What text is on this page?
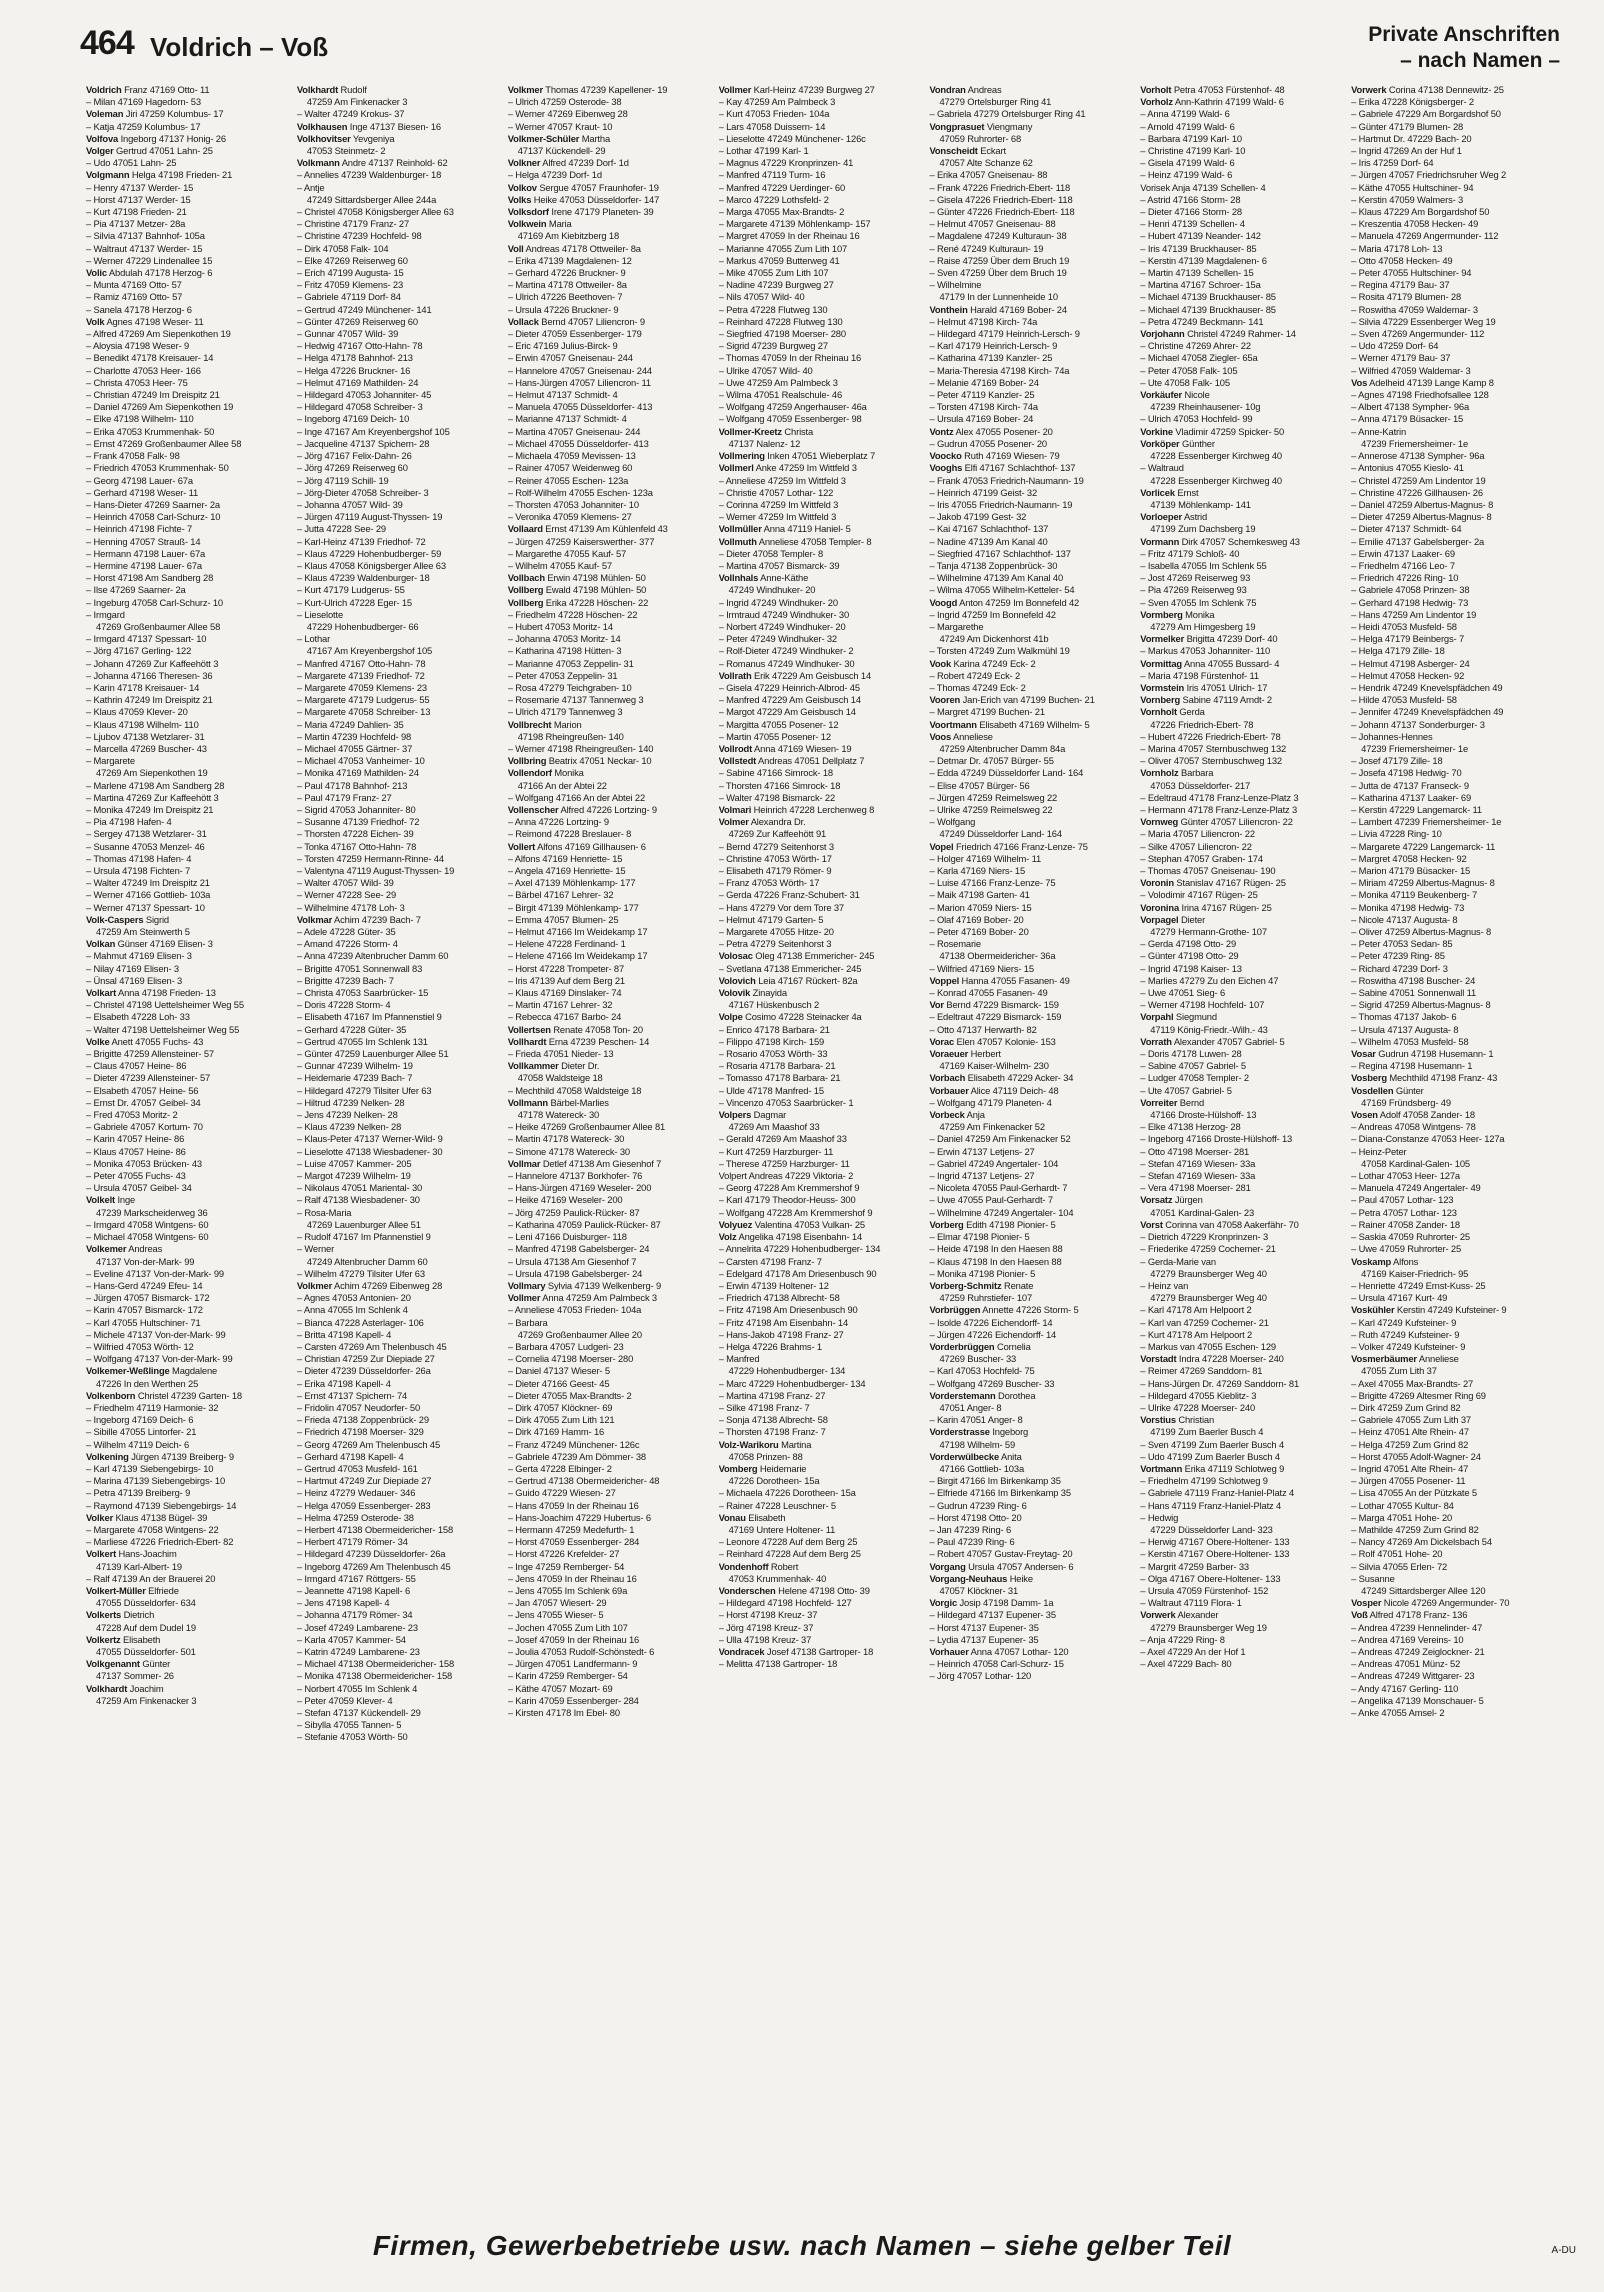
464 Voldrich – Voß	Private Anschriften
– nach Namen –
Voldrich Franz 47169 Otto- 11
– Milan 47169 Hagedorn- 53
Voleman Jiri 47259 Kolumbus- 17
– Katja 47259 Kolumbus- 17
Volfova Ingeborg 47137 Honig- 26
Volger Gertrud 47051 Lahn- 25
– Udo 47051 Lahn- 25
Volgmann Helga 47198 Frieden- 21
– Henry 47137 Werder- 15
– Horst 47137 Werder- 15
– Kurt 47198 Frieden- 21
– Pia 47137 Metzer- 28a
– Silvia 47137 Bahnhof- 105a
– Waltraut 47137 Werder- 15
– Werner 47229 Lindenallee 15
Volic Abdulah 47178 Herzog- 6
– Munta 47169 Otto- 57
– Ramiz 47169 Otto- 57
– Sanela 47178 Herzog- 6
Volk Agnes 47198 Weser- 11
– Alfred 47269 Am Siepenkothen 19
– Aloysia 47198 Weser- 9
– Benedikt 47178 Kreisauer- 14
– Charlotte 47053 Heer- 166
– Christa 47053 Heer- 75
– Christian 47249 Im Dreispitz 21
– Daniel 47269 Am Siepenkothen 19
– Elke 47198 Wilhelm- 110
– Erika 47053 Krummenhak- 50
– Ernst 47269 Großenbaumer Allee 58
– Frank 47058 Falk- 98
– Friedrich 47053 Krummenhak- 50
– Georg 47198 Lauer- 67a
– Gerhard 47198 Weser- 11
– Hans-Dieter 47269 Saarner- 2a
– Heinrich 47058 Carl-Schurz- 10
– Heinrich 47198 Fichte- 7
– Henning 47057 Strauß- 14
– Hermann 47198 Lauer- 67a
– Hermine 47198 Lauer- 67a
– Horst 47198 Am Sandberg 28
– Ilse 47269 Saarner- 2a
– Ingeburg 47058 Carl-Schurz- 10
– Irmgard
47269 Großenbaumer Allee 58
– Irmgard 47137 Spessart- 10
– Jörg 47167 Gerling- 122
– Johann 47269 Zur Kaffeehött 3
– Johanna 47166 Theresen- 36
– Karin 47178 Kreisauer- 14
– Kathrin 47249 Im Dreispitz 21
– Klaus 47059 Klever- 20
– Klaus 47198 Wilhelm- 110
– Ljubov 47138 Wetzlarer- 31
– Marcella 47269 Buscher- 43
– Margarete
47269 Am Siepenkothen 19
– Marlene 47198 Am Sandberg 28
– Martina 47269 Zur Kaffeehött 3
– Monika 47249 Im Dreispitz 21
– Pia 47198 Hafen- 4
– Sergey 47138 Wetzlarer- 31
– Susanne 47053 Menzel- 46
– Thomas 47198 Hafen- 4
– Ursula 47198 Fichten- 7
– Walter 47249 Im Dreispitz 21
– Werner 47166 Gottlieb- 103a
– Werner 47137 Spessart- 10
Volk-Caspers Sigrid
47259 Am Steinwerth 5
Volkan Günser 47169 Elisen- 3
– Mahmut 47169 Elisen- 3
– Nilay 47169 Elisen- 3
– Ünsal 47169 Elisen- 3
Volkart Anna 47198 Frieden- 13
– Christel 47198 Uettelsheimer Weg 55
– Elsabeth 47228 Loh- 33
– Walter 47198 Uettelsheimer Weg 55
Volke Anett 47055 Fuchs- 43
– Brigitte 47259 Allensteiner- 57
– Claus 47057 Heine- 86
– Dieter 47239 Allensteiner- 57
– Elsabeth 47057 Heine- 56
– Ernst Dr. 47057 Geibel- 34
– Fred 47053 Moritz- 2
– Gabriele 47057 Kortum- 70
– Karin 47057 Heine- 86
– Klaus 47057 Heine- 86
– Monika 47053 Brücken- 43
– Peter 47055 Fuchs- 43
– Ursula 47057 Geibel- 34
Volkelt Inge
47239 Markscheiderweg 36
– Irmgard 47058 Wintgens- 60
– Michael 47058 Wintgens- 60
Volkemer Andreas
47137 Von-der-Mark- 99
– Eveline 47137 Von-der-Mark- 99
– Hans-Gerd 47249 Efeu- 14
– Jürgen 47057 Bismarck- 172
– Karin 47057 Bismarck- 172
– Karl 47055 Hultschiner- 71
– Michele 47137 Von-der-Mark- 99
– Wilfried 47053 Wörth- 12
– Wolfgang 47137 Von-der-Mark- 99
Volkemer-Weßlinge Magdalene
47226 In den Werthen 25
Volkenborn Christel 47239 Garten- 18
– Friedhelm 47119 Harmonie- 32
– Ingeborg 47169 Deich- 6
– Sibille 47055 Lintorfer- 21
– Wilhelm 47119 Deich- 6
Volkening Jürgen 47139 Breiberg- 9
– Karl 47139 Siebengebirgs- 10
– Marina 47139 Siebengebirgs- 10
– Petra 47139 Breiberg- 9
– Raymond 47139 Siebengebirgs- 14
Volker Klaus 47138 Bügel- 39
– Margarete 47058 Wintgens- 22
– Marliese 47226 Friedrich-Ebert- 82
Volkert Hans-Joachim
47139 Karl-Albert- 19
– Ralf 47139 An der Brauerei 20
Volkert-Müller Elfriede
47055 Düsseldorfer- 634
Volkerts Dietrich
47228 Auf dem Dudel 19
Volkertz Elisabeth
47055 Düsseldorfer- 501
Volkgenannt Günter
47137 Sommer- 26
Volkhardt Joachim
47259 Am Finkenacker 3
Volkhardt Rudolf
47259 Am Finkenacker 3
– Walter 47249 Krokus- 37
Volkhausen Inge 47137 Biesen- 16
Volkhovitser Yevgeniya
47053 Steinmetz- 2
Volkmann Andre 47137 Reinhold- 62
– Annelies 47239 Waldenburger- 18
– Antje
47249 Sittardsberger Allee 244a
– Christel 47058 Königsberger Allee 63
– Christine 47179 Franz- 27
– Christine 47239 Hochfeld- 98
– Dirk 47058 Falk- 104
– Elke 47269 Reiserweg 60
– Erich 47199 Augusta- 15
– Fritz 47059 Klemens- 23
– Gabriele 47119 Dorf- 84
– Gertrud 47249 Münchener- 141
– Günter 47269 Reiserweg 60
– Gunnar 47057 Wild- 39
– Hedwig 47167 Otto-Hahn- 78
– Helga 47178 Bahnhof- 213
– Helga 47226 Bruckner- 16
– Helmut 47169 Mathilden- 24
– Hildegard 47053 Johanniter- 45
– Hildegard 47058 Schreiber- 3
– Ingeborg 47169 Deich- 10
– Inge 47167 Am Kreyenbergshof 105
– Jacqueline 47137 Spichern- 28
– Jörg 47167 Felix-Dahn- 26
– Jörg 47269 Reiserweg 60
– Jörg 47119 Schill- 19
– Jörg-Dieter 47058 Schreiber- 3
– Johanna 47057 Wild- 39
– Jürgen 47119 August-Thyssen- 19
– Jutta 47228 See- 29
– Karl-Heinz 47139 Friedhof- 72
– Klaus 47229 Hohenbudberger- 59
– Klaus 47058 Königsberger Allee 63
– Klaus 47239 Waldenburger- 18
– Kurt 47179 Ludgerus- 55
– Kurt-Ulrich 47228 Eger- 15
– Lieselotte
47229 Hohenbudberger- 66
– Lothar
47167 Am Kreyenbergshof 105
– Manfred 47167 Otto-Hahn- 78
– Margarete 47139 Friedhof- 72
– Margarete 47059 Klemens- 23
– Margarete 47179 Ludgerus- 55
– Margarete 47058 Schreiber- 13
– Maria 47249 Dahlien- 35
– Martin 47239 Hochfeld- 98
– Michael 47055 Gärtner- 37
– Michael 47053 Vanheimer- 10
– Monika 47169 Mathilden- 24
– Paul 47178 Bahnhof- 213
– Paul 47179 Franz- 27
– Sigrid 47053 Johanniter- 80
– Susanne 47139 Friedhof- 72
– Thorsten 47228 Eichen- 39
– Tonka 47167 Otto-Hahn- 78
– Torsten 47259 Hermann-Rinne- 44
– Valentyna 47119 August-Thyssen- 19
– Walter 47057 Wild- 39
– Werner 47228 See- 29
– Wilhelmine 47178 Loh- 3
Volkmar Achim 47239 Bach- 7
– Adele 47228 Güter- 35
– Amand 47226 Storm- 4
– Anna 47239 Altenbrucher Damm 60
– Brigitte 47051 Sonnenwall 83
– Brigitte 47239 Bach- 7
– Christa 47053 Saarbrücker- 15
– Doris 47228 Storm- 4
– Elisabeth 47167 Im Pfannenstiel 9
– Gerhard 47228 Güter- 35
– Gertrud 47055 Im Schlenk 131
– Günter 47259 Lauenburger Allee 51
– Gunnar 47239 Wilhelm- 19
– Heidemarie 47239 Bach- 7
– Hildegard 47279 Tilsiter Ufer 63
– Hiltrud 47239 Nelken- 28
– Jens 47239 Nelken- 28
– Klaus 47239 Nelken- 28
– Klaus-Peter 47137 Werner-Wild- 9
– Lieselotte 47138 Wiesbadener- 30
– Luise 47057 Kammer- 205
– Margot 47239 Wilhelm- 19
– Nikolaus 47051 Mariental- 30
– Ralf 47138 Wiesbadener- 30
– Rosa-Maria
47269 Lauenburger Allee 51
– Rudolf 47167 Im Pfannenstiel 9
– Werner
47249 Altenbrucher Damm 60
– Wilhelm 47279 Tilsiter Ufer 63
Volkmer Achim 47269 Eibenweg 28
– Agnes 47053 Antonien- 20
– Anna 47055 Im Schlenk 4
– Bianca 47228 Asterlager- 106
– Britta 47198 Kapell- 4
– Carsten 47269 Am Thelenbusch 45
– Christian 47259 Zur Diepiade 27
– Dieter 47239 Düsseldorfer- 26a
– Erika 47198 Kapell- 4
– Ernst 47137 Spichern- 74
– Fridolin 47057 Neudorfer- 50
– Frieda 47138 Zoppenbrück- 29
– Friedrich 47198 Moerser- 329
– Georg 47269 Am Thelenbusch 45
– Gerhard 47198 Kapell- 4
– Gertrud 47053 Musfeld- 161
– Hartmut 47249 Zur Diepiade 27
– Heinz 47279 Wedauer- 346
– Helga 47059 Essenberger- 283
– Helma 47259 Osterode- 38
– Herbert 47138 Obermeidericher- 158
– Herbert 47179 Römer- 34
– Hildegard 47239 Düsseldorfer- 26a
– Ingeborg 47269 Am Thelenbusch 45
– Irmgard 47167 Röttgers- 55
– Jeannette 47198 Kapell- 6
– Jens 47198 Kapell- 4
– Johanna 47179 Römer- 34
– Josef 47249 Lambarene- 23
– Karla 47057 Kammer- 54
– Katrin 47249 Lambarene- 23
– Michael 47138 Obermeidericher- 158
– Monika 47138 Obermeidericher- 158
– Norbert 47055 Im Schlenk 4
– Peter 47059 Klever- 4
– Stefan 47137 Kückendell- 29
– Sibylla 47055 Tannen- 5
– Stefanie 47053 Wörth- 50
Volkmer Thomas 47239 Kapellener- 19
– Ulrich 47259 Osterode- 38
– Werner 47269 Eibenweg 28
– Werner 47057 Kraut- 10
Volkmer-Schüler Martha
47137 Kückendell- 29
Volkner Alfred 47239 Dorf- 1d
– Helga 47239 Dorf- 1d
Volkov Sergue 47057 Fraunhofer- 19
Volks Heike 47053 Düsseldorfer- 147
Volksdorf Irene 47179 Planeten- 39
Volkwein Maria
47169 Am Kiebitzberg 18
Voll Andreas 47178 Ottweiler- 8a
– Erika 47139 Magdalenen- 12
– Gerhard 47226 Bruckner- 9
– Martina 47178 Ottweiler- 8a
– Ulrich 47226 Beethoven- 7
– Ursula 47226 Bruckner- 9
Vollack Bernd 47057 Liliencron- 9
– Dieter 47059 Essenberger- 179
– Eric 47169 Julius-Birck- 9
– Erwin 47057 Gneisenau- 244
– Hannelore 47057 Gneisenau- 244
– Hans-Jürgen 47057 Liliencron- 11
– Helmut 47137 Schmidt- 4
– Manuela 47055 Düsseldorfer- 413
– Marianne 47137 Schmidt- 4
– Martina 47057 Gneisenau- 244
– Michael 47055 Düsseldorfer- 413
– Michaela 47059 Mevissen- 13
– Rainer 47057 Weidenweg 60
– Reiner 47055 Eschen- 123a
– Rolf-Wilhelm 47055 Eschen- 123a
– Thorsten 47053 Johanniter- 10
– Veronika 47059 Klemens- 27
Vollaard Ernst 47139 Am Kühlenfeld 43
– Jürgen 47259 Kaiserswerther- 377
– Margarethe 47055 Kauf- 57
– Wilhelm 47055 Kauf- 57
Vollbach Erwin 47198 Mühlen- 50
Vollberg Ewald 47198 Mühlen- 50
Vollberg Erika 47228 Höschen- 22
– Friedhelm 47228 Höschen- 22
– Hubert 47053 Moritz- 14
– Johanna 47053 Moritz- 14
– Katharina 47198 Hütten- 3
– Marianne 47053 Zeppelin- 31
– Peter 47053 Zeppelin- 31
– Rosa 47279 Teichgraben- 10
– Rosemarie 47137 Tannenweg 3
– Ulrich 47179 Tannenweg 3
Vollbrecht Marion
47198 Rheingreußen- 140
– Werner 47198 Rheingreußen- 140
Vollbring Beatrix 47051 Neckar- 10
Vollendorf Monika
47166 An der Abtei 22
– Wolfgang 47166 An der Abtei 22
Vollenscher Alfred 47226 Lortzing- 9
– Anna 47226 Lortzing- 9
– Reimond 47228 Breslauer- 8
Vollert Alfons 47169 Gillhausen- 6
– Alfons 47169 Henriette- 15
– Angela 47169 Henriette- 15
– Axel 47139 Möhlenkamp- 177
– Bärbel 47167 Lehrer- 32
– Birgit 47139 Möhlenkamp- 177
– Emma 47057 Blumen- 25
– Helmut 47166 Im Weidekamp 17
– Helene 47228 Ferdinand- 1
– Helene 47166 Im Weidekamp 17
– Horst 47228 Trompeter- 87
– Iris 47139 Auf dem Berg 21
– Klaus 47169 Dinslaker- 74
– Martin 47167 Lehrer- 32
– Rebecca 47167 Barbo- 24
Vollertsen Renate 47058 Ton- 20
Vollhardt Erna 47239 Peschen- 14
– Frieda 47051 Nieder- 13
Vollkammer Dieter Dr.
47058 Waldsteige 18
– Mechthild 47058 Waldsteige 18
Vollmann Bärbel-Marlies
47178 Watereck- 30
– Heike 47269 Großenbaumer Allee 81
– Martin 47178 Watereck- 30
– Simone 47178 Watereck- 30
Vollmar Detlef 47138 Am Giesenhof 7
– Hannelore 47137 Borkhofer- 76
– Hans-Jürgen 47169 Weseler- 200
– Heike 47169 Weseler- 200
– Jörg 47259 Paulick-Rücker- 87
– Katharina 47059 Paulick-Rücker- 87
– Leni 47166 Duisburger- 118
– Manfred 47198 Gabelsberger- 24
– Ursula 47138 Am Giesenhof 7
– Ursula 47198 Gabelsberger- 24
Vollmary Sylvia 47139 Welkenberg- 9
Vollmer Anna 47259 Am Palmbeck 3
– Anneliese 47053 Frieden- 104a
– Barbara
47269 Großenbaumer Allee 20
– Barbara 47057 Ludgeri- 23
– Cornelia 47198 Moerser- 280
– Daniel 47137 Wieser- 5
– Dieter 47166 Geest- 45
– Dieter 47055 Max-Brandts- 2
– Dirk 47057 Klöckner- 69
– Dirk 47055 Zum Lith 121
– Dirk 47169 Hamm- 16
– Franz 47249 Münchener- 126c
– Gabriele 47239 Am Dömmer- 38
– Gerta 47228 Elbinger- 2
– Gertrud 47138 Obermeidericher- 48
– Guido 47229 Wiesen- 27
– Hans 47059 In der Rheinau 16
– Hans-Joachim 47229 Hubertus- 6
– Hermann 47259 Medefurth- 1
– Horst 47059 Essenberger- 284
– Horst 47226 Krefelder- 27
– Inge 47259 Remberger- 54
– Jens 47059 In der Rheinau 16
– Jens 47055 Im Schlenk 69a
– Jan 47057 Wiesert- 29
– Jens 47055 Wieser- 5
– Jochen 47055 Zum Lith 107
– Josef 47059 In der Rheinau 16
– Joulia 47053 Rudolf-Schönstedt- 6
– Jürgen 47051 Landfermann- 9
– Karin 47259 Remberger- 54
– Käthe 47057 Mozart- 69
– Karin 47059 Essenberger- 284
– Kirsten 47178 Im Ebel- 80
Vollmer Karl-Heinz 47239 Burgweg 27
– Kay 47259 Am Palmbeck 3
– Kurt 47053 Frieden- 104a
– Lars 47058 Duissern- 14
– Lieselotte 47249 Münchener- 126c
– Lothar 47199 Karl- 1
– Magnus 47229 Kronprinzen- 41
– Manfred 47119 Turm- 16
– Manfred 47229 Uerdinger- 60
– Marco 47229 Lothsfeld- 2
– Marga 47055 Max-Brandts- 2
– Margarete 47139 Möhlenkamp- 157
– Margret 47059 In der Rheinau 16
– Marianne 47055 Zum Lith 107
– Markus 47059 Butterweg 41
– Mike 47055 Zum Lith 107
– Nadine 47239 Burgweg 27
– Nils 47057 Wild- 40
– Petra 47228 Flutweg 130
– Reinhard 47228 Flutweg 130
– Siegfried 47198 Moerser- 280
– Sigrid 47239 Burgweg 27
– Thomas 47059 In der Rheinau 16
– Ulrike 47057 Wild- 40
– Uwe 47259 Am Palmbeck 3
– Wilma 47051 Realschule- 46
– Wolfgang 47259 Angerhauser- 46a
– Wolfgang 47059 Essenberger- 98
Vollmer-Kreetz Christa
47137 Nalenz- 12
Vollmering Inken 47051 Wieberplatz 7
Vollmerl Anke 47259 Im Wittfeld 3
– Anneliese 47259 Im Wittfeld 3
– Christie 47057 Lothar- 122
– Corinna 47259 Im Wittfeld 3
– Werner 47259 Im Wittfeld 3
Vollmüller Anna 47119 Haniel- 5
Vollmuth Anneliese 47058 Templer- 8
– Dieter 47058 Templer- 8
– Martina 47057 Bismarck- 39
Vollnhals Anne-Käthe
47249 Windhuker- 20
– Ingrid 47249 Windhuker- 20
– Irmtraud 47249 Windhuker- 30
– Norbert 47249 Windhuker- 20
– Peter 47249 Windhuker- 32
– Rolf-Dieter 47249 Windhuker- 2
– Romanus 47249 Windhuker- 30
Vollrath Erik 47229 Am Geisbusch 14
– Gisela 47229 Heinrich-Albrod- 45
– Manfred 47229 Am Geisbusch 14
– Margot 47229 Am Geisbusch 14
– Margitta 47055 Posener- 12
– Martin 47055 Posener- 12
Vollrodt Anna 47169 Wiesen- 19
Vollstedt Andreas 47051 Dellplatz 7
– Sabine 47166 Simrock- 18
– Thorsten 47166 Simrock- 18
– Walter 47198 Bismarck- 22
Volmari Heinrich 47228 Lerchenweg 8
Volmer Alexandra Dr.
47269 Zur Kaffeehött 91
– Bernd 47279 Seitenhorst 3
– Christine 47053 Wörth- 17
– Elisabeth 47179 Römer- 9
– Franz 47053 Wörth- 17
– Gerda 47226 Franz-Schubert- 31
– Hans 47279 Vor dem Tore 37
– Helmut 47179 Garten- 5
– Margarete 47055 Hitze- 20
– Petra 47279 Seitenhorst 3
Volosac Oleg 47138 Emmericher- 245
– Svetlana 47138 Emmericher- 245
Volovich Leia 47167 Rückert- 82a
Volovik Zinayida
47167 Hüskenbusch 2
Volpe Cosimo 47228 Steinacker 4a
– Enrico 47178 Barbara- 21
– Filippo 47198 Kirch- 159
– Rosario 47053 Wörth- 33
– Rosaria 47178 Barbara- 21
– Tomasso 47178 Barbara- 21
– Ulde 47178 Manfred- 15
– Vincenzo 47053 Saarbrücker- 1
Volpers Dagmar
47269 Am Maashof 33
– Gerald 47269 Am Maashof 33
– Kurt 47259 Harzburger- 11
– Therese 47259 Harzburger- 11
Volpert Andreas 47229 Viktoria- 2
– Georg 47228 Am Kremmershof 9
– Karl 47179 Theodor-Heuss- 300
– Wolfgang 47228 Am Kremmershof 9
Volyuez Valentina 47053 Vulkan- 25
Volz Angelika 47198 Eisenbahn- 14
– Annelrita 47229 Hohenbudberger- 134
– Carsten 47198 Franz- 7
– Edelgard 47178 Am Driesenbusch 90
– Erwin 47139 Holtener- 12
– Friedrich 47138 Albrecht- 58
– Fritz 47198 Am Driesenbusch 90
– Fritz 47198 Am Eisenbahn- 14
– Hans-Jakob 47198 Franz- 27
– Helga 47226 Brahms- 1
– Manfred
47229 Hohenbudberger- 134
– Marc 47229 Hohenbudberger- 134
– Martina 47198 Franz- 27
– Silke 47198 Franz- 7
– Sonja 47138 Albrecht- 58
– Thorsten 47198 Franz- 7
Volz-Warikoru Martina
47058 Prinzen- 88
Vomberg Heidemarie
47226 Dorotheen- 15a
– Michaela 47226 Dorotheen- 15a
– Rainer 47228 Leuschner- 5
Vonau Elisabeth
47169 Untere Holtener- 11
– Leonore 47228 Auf dem Berg 25
– Reinhard 47228 Auf dem Berg 25
Vondenhoff Robert
47053 Krummenhak- 40
Vonderschen Helene 47198 Otto- 39
– Hildegard 47198 Hochfeld- 127
– Horst 47198 Kreuz- 37
– Jörg 47198 Kreuz- 37
– Ulla 47198 Kreuz- 37
Vondracek Josef 47138 Gartroper- 18
– Melitta 47138 Gartroper- 18
Vondran Andreas
47279 Ortelsburger Ring 41
– Gabriela 47279 Ortelsburger Ring 41
Vongprasuet Viengmany
47059 Ruhrorter- 68
Vonscheidt Eckart
47057 Alte Schanze 62
– Erika 47057 Gneisenau- 88
– Frank 47226 Friedrich-Ebert- 118
– Gisela 47226 Friedrich-Ebert- 118
– Günter 47226 Friedrich-Ebert- 118
– Helmut 47057 Gneisenau- 88
– Magdalene 47249 Kulturaun- 38
– René 47249 Kulturaun- 19
– Raise 47259 Über dem Bruch 19
– Sven 47259 Über dem Bruch 19
– Wilhelmine
47179 In der Lunnenheide 10
Vonthein Harald 47169 Bober- 24
– Helmut 47198 Kirch- 74a
– Hildegard 47179 Heinrich-Lersch- 9
– Karl 47179 Heinrich-Lersch- 9
– Katharina 47139 Kanzler- 25
– Maria-Theresia 47198 Kirch- 74a
– Melanie 47169 Bober- 24
– Peter 47119 Kanzler- 25
– Torsten 47198 Kirch- 74a
– Ursula 47169 Bober- 24
Vontz Alex 47055 Posener- 20
– Gudrun 47055 Posener- 20
Voocko Ruth 47169 Wiesen- 79
Vooghs Elfi 47167 Schlachthof- 137
– Frank 47053 Friedrich-Naumann- 19
– Heinrich 47199 Geist- 32
– Iris 47055 Friedrich-Naumann- 19
– Jakob 47199 Gest- 32
– Kai 47167 Schlachthof- 137
– Nadine 47139 Am Kanal 40
– Siegfried 47167 Schlachthof- 137
– Tanja 47138 Zoppenbrück- 30
– Wilhelmine 47139 Am Kanal 40
– Wilma 47055 Wilhelm-Ketteler- 54
Voogd Anton 47259 Im Bonnefeld 42
– Ingrid 47259 Im Bonnefeld 42
– Margarethe
47249 Am Dickenhorst 41b
– Torsten 47249 Zum Walkmühl 19
Vook Karina 47249 Eck- 2
– Robert 47249 Eck- 2
– Thomas 47249 Eck- 2
Vooren Jan-Erich van 47199 Buchen- 21
– Margret 47199 Buchen- 21
Voortmann Elisabeth 47169 Wilhelm- 5
Voos Anneliese
47259 Altenbrucher Damm 84a
– Detmar Dr. 47057 Bürger- 55
– Edda 47249 Düsseldorfer Land- 164
– Elise 47057 Bürger- 56
– Jürgen 47259 Reimelsweg 22
– Ulrike 47259 Reimelsweg 22
– Wolfgang
47249 Düsseldorfer Land- 164
Vopel Friedrich 47166 Franz-Lenze- 75
– Holger 47169 Wilhelm- 11
– Karla 47169 Niers- 15
– Luise 47166 Franz-Lenze- 75
– Maik 47198 Garten- 41
– Marion 47059 Niers- 15
– Olaf 47169 Bober- 20
– Peter 47169 Bober- 20
– Rosemarie
47138 Obermeidericher- 36a
– Wilfried 47169 Niers- 15
Voppel Hanna 47055 Fasanen- 49
– Konrad 47055 Fasanen- 49
Vor Bernd 47229 Bismarck- 159
– Edeltraut 47229 Bismarck- 159
– Otto 47137 Herwarth- 82
Vorac Elen 47057 Kolonie- 153
Voraeuer Herbert
47169 Kaiser-Wilhelm- 230
Vorbach Elisabeth 47229 Acker- 34
Vorbauer Alice 47119 Deich- 48
– Wolfgang 47179 Planeten- 4
Vorbeck Anja
47259 Am Finkenacker 52
– Daniel 47259 Am Finkenacker 52
– Erwin 47137 Letjens- 27
– Gabriel 47249 Angertaler- 104
– Ingrid 47137 Letjens- 27
– Nicoleta 47055 Paul-Gerhardt- 7
– Uwe 47055 Paul-Gerhardt- 7
– Wilhelmine 47249 Angertaler- 104
Vorberg Edith 47198 Pionier- 5
– Elmar 47198 Pionier- 5
– Heide 47198 In den Haesen 88
– Klaus 47198 In den Haesen 88
– Monika 47198 Pionier- 5
Vorberg-Schmitz Renate
47259 Ruhrstiefer- 107
Vorbrüggen Annette 47226 Storm- 5
– Isolde 47226 Eichendorff- 14
– Jürgen 47226 Eichendorff- 14
Vorderbrüggen Cornelia
47269 Buscher- 33
– Karl 47053 Hochfeld- 75
– Wolfgang 47269 Buscher- 33
Vorderstemann Dorothea
47051 Anger- 8
– Karin 47051 Anger- 8
Vorderstrasse Ingeborg
47198 Wilhelm- 59
Vorderwülbecke Anita
47166 Gottlieb- 103a
– Birgit 47166 Im Birkenkamp 35
– Elfriede 47166 Im Birkenkamp 35
– Gudrun 47239 Ring- 6
– Horst 47198 Otto- 20
– Jan 47239 Ring- 6
– Paul 47239 Ring- 6
– Robert 47057 Gustav-Freytag- 20
Vorgang Ursula 47057 Andersen- 6
Vorgang-Neuhaus Heike
47057 Klöckner- 31
Vorgic Josip 47198 Damm- 1a
– Hildegard 47137 Eupener- 35
– Horst 47137 Eupener- 35
– Lydia 47137 Eupener- 35
Vorhauer Anna 47057 Lothar- 120
– Heinrich 47058 Carl-Schurz- 15
– Jörg 47057 Lothar- 120
Vorholt Petra 47053 Fürstenhof- 48
Vorholz Ann-Kathrin 47199 Wald- 6
– Anna 47199 Wald- 6
– Arnold 47199 Wald- 6
– Barbara 47199 Karl- 10
– Christine 47199 Karl- 10
– Gisela 47199 Wald- 6
– Heinz 47199 Wald- 6
Vorisek Anja 47139 Schellen- 4
– Astrid 47166 Storm- 28
– Dieter 47166 Storm- 28
– Henri 47139 Schellen- 4
– Hubert 47139 Neander- 142
– Iris 47139 Bruckhauser- 85
– Kerstin 47139 Magdalenen- 6
– Martin 47139 Schellen- 15
– Martina 47167 Schroer- 15a
– Michael 47139 Bruckhauser- 85
– Michael 47139 Bruckhauser- 85
– Petra 47249 Beckmann- 141
Vorjohann Christel 47249 Rahmer- 14
– Christine 47269 Ahrer- 22
– Michael 47058 Ziegler- 65a
– Peter 47058 Falk- 105
– Ute 47058 Falk- 105
Vorkäufer Nicole
47239 Rheinhausener- 10g
– Ulrich 47053 Hochfeld- 99
Vorkine Vladimir 47259 Spicker- 50
Vorköper Günther
47228 Essenberger Kirchweg 40
– Waltraud
47228 Essenberger Kirchweg 40
Vorlicek Ernst
47139 Möhlenkamp- 141
Vorloeper Astrid
47199 Zum Dachsberg 19
Vormann Dirk 47057 Schemkesweg 43
– Fritz 47179 Schloß- 40
– Isabella 47055 Im Schlenk 55
– Jost 47269 Reiserweg 93
– Pia 47269 Reiserweg 93
– Sven 47055 Im Schlenk 75
Vormberg Monika
47279 Am Himgesberg 19
Vormelker Brigitta 47239 Dorf- 40
– Markus 47053 Johanniter- 110
Vormittag Anna 47055 Bussard- 4
– Maria 47198 Fürstenhof- 11
Vormstein Iris 47051 Ulrich- 17
Vornberg Sabine 47119 Arndt- 2
Vornholt Gerda
47226 Friedrich-Ebert- 78
– Hubert 47226 Friedrich-Ebert- 78
– Marina 47057 Sternbuschweg 132
– Oliver 47057 Sternbuschweg 132
Vornholz Barbara
47053 Düsseldorfer- 217
– Edeltraud 47178 Franz-Lenze-Platz 3
– Hermann 47178 Franz-Lenze-Platz 3
Vornweg Günter 47057 Liliencron- 22
– Maria 47057 Liliencron- 22
– Silke 47057 Liliencron- 22
– Stephan 47057 Graben- 174
– Thomas 47057 Gneisenau- 190
Voronin Stanislav 47167 Rügen- 25
– Volodimir 47167 Rügen- 25
Voronina Irina 47167 Rügen- 25
Vorpagel Dieter
47279 Hermann-Grothe- 107
– Gerda 47198 Otto- 29
– Günter 47198 Otto- 29
– Ingrid 47198 Kaiser- 13
– Marlies 47279 Zu den Eichen 47
– Uwe 47051 Sieg- 6
– Werner 47198 Hochfeld- 107
Vorpahl Siegmund
47119 König-Friedr.-Wilh.- 43
Vorrath Alexander 47057 Gabriel- 5
– Doris 47178 Luwen- 28
– Sabine 47057 Gabriel- 5
– Ludger 47058 Templer- 2
– Ute 47057 Gabriel- 5
Vorreiter Bernd
47166 Droste-Hülshoff- 13
– Elke 47138 Herzog- 28
– Ingeborg 47166 Droste-Hülshoff- 13
– Otto 47198 Moerser- 281
– Stefan 47169 Wiesen- 33a
– Stefan 47169 Wiesen- 33a
– Vera 47198 Moerser- 281
Vorsatz Jürgen
47051 Kardinal-Galen- 23
Vorst Corinna van 47058 Aakerfähr- 70
– Dietrich 47229 Kronprinzen- 3
– Friederike 47259 Cochemer- 21
– Gerda-Marie van
47279 Braunsberger Weg 40
– Heinz van
47279 Braunsberger Weg 40
– Karl 47178 Am Helpoort 2
– Karl van 47259 Cochemer- 21
– Kurt 47178 Am Helpoort 2
– Markus van 47055 Eschen- 129
Vorstadt Indra 47228 Moerser- 240
– Reimer 47269 Sanddorn- 81
– Hans-Jürgen Dr. 47269 Sanddorn- 81
– Hildegard 47055 Kieblitz- 3
– Ulrike 47228 Moerser- 240
Vorstius Christian
47199 Zum Baerler Busch 4
– Sven 47199 Zum Baerler Busch 4
– Udo 47199 Zum Baerler Busch 4
Vortmann Erika 47119 Schlotweg 9
– Friedhelm 47199 Schlotweg 9
– Gabriele 47119 Franz-Haniel-Platz 4
– Hans 47119 Franz-Haniel-Platz 4
– Hedwig
47229 Düsseldorfer Land- 323
– Herwig 47167 Obere-Holtener- 133
– Kerstin 47167 Obere-Holtener- 133
– Margrit 47259 Barber- 33
– Olga 47167 Obere-Holtener- 133
– Ursula 47059 Fürstenhof- 152
– Waltraut 47119 Flora- 1
Vorwerk Alexander
47279 Braunsberger Weg 19
– Anja 47229 Ring- 8
– Axel 47229 An der Hof 1
– Axel 47229 Bach- 80
Vorwerk Corina 47138 Dennewitz- 25
– Erika 47228 Königsberger- 2
– Gabriele 47229 Am Borgardshof 50
– Günter 47179 Blumen- 28
– Hartmut Dr. 47229 Bach- 20
– Ingrid 47269 An der Huf 1
– Iris 47259 Dorf- 64
– Jürgen 47057 Friedrichsruher Weg 2
– Käthe 47055 Hultschiner- 94
– Kerstin 47059 Walmers- 3
– Klaus 47229 Am Borgardshof 50
– Kreszentia 47058 Hecken- 49
– Manuela 47269 Angermunder- 112
– Maria 47178 Loh- 13
– Otto 47058 Hecken- 49
– Peter 47055 Hultschiner- 94
– Regina 47179 Bau- 37
– Rosita 47179 Blumen- 28
– Roswitha 47059 Waldemar- 3
– Silvia 47229 Essenberger Weg 19
– Sven 47269 Angermunder- 112
– Udo 47259 Dorf- 64
– Werner 47179 Bau- 37
– Wilfried 47059 Waldemar- 3
Vos Adelheid 47139 Lange Kamp 8
– Agnes 47198 Friedhofsallee 128
– Albert 47138 Sympher- 96a
– Anna 47179 Büsacker- 15
– Anne-Katrin
47239 Friemersheimer- 1e
– Annerose 47138 Sympher- 96a
– Antonius 47055 Kieslo- 41
– Christel 47259 Am Lindentor 19
– Christine 47226 Gillhausen- 26
– Daniel 47259 Albertus-Magnus- 8
– Dieter 47259 Albertus-Magnus- 8
– Dieter 47137 Schmidt- 64
– Emilie 47137 Gabelsberger- 2a
– Erwin 47137 Laaker- 69
– Friedhelm 47166 Leo- 7
– Friedrich 47226 Ring- 10
– Gabriele 47058 Prinzen- 38
– Gerhard 47198 Hedwig- 73
– Hans 47259 Am Lindentor 19
– Heidi 47053 Musfeld- 58
– Helga 47179 Beinbergs- 7
– Helga 47179 Zille- 18
– Helmut 47198 Asberger- 24
– Helmut 47058 Hecken- 92
– Hendrik 47249 Knevelspfädchen 49
– Hilde 47053 Musfeld- 58
– Jennifer 47249 Knevelspfädchen 49
– Johann 47137 Sonderburger- 3
– Johannes-Hennes
47239 Friemersheimer- 1e
– Josef 47179 Zille- 18
– Josefa 47198 Hedwig- 70
– Jutta de 47137 Franseck- 9
– Katharina 47137 Laaker- 69
– Kerstin 47229 Langemarck- 11
– Lambert 47239 Friemersheimer- 1e
– Livia 47228 Ring- 10
– Margarete 47229 Langemarck- 11
– Margret 47058 Hecken- 92
– Marion 47179 Büsacker- 15
– Miriam 47259 Albertus-Magnus- 8
– Monika 47119 Beukenberg- 7
– Monika 47198 Hedwig- 73
– Nicole 47137 Augusta- 8
– Oliver 47259 Albertus-Magnus- 8
– Peter 47053 Sedan- 85
– Peter 47239 Ring- 85
– Richard 47239 Dorf- 3
– Roswitha 47198 Buscher- 24
– Sabine 47051 Sonnenwall 11
– Sigrid 47259 Albertus-Magnus- 8
– Thomas 47137 Jakob- 6
– Ursula 47137 Augusta- 8
– Wilhelm 47053 Musfeld- 58
Vosar Gudrun 47198 Husemann- 1
– Regina 47198 Husemann- 1
Vosberg Mechthild 47198 Franz- 43
Vosdellen Günter
47169 Fründsberg- 49
Vosen Adolf 47058 Zander- 18
– Andreas 47058 Wintgens- 78
– Diana-Constanze 47053 Heer- 127a
– Heinz-Peter
47058 Kardinal-Galen- 105
– Lothar 47053 Heer- 127a
– Manuela 47249 Angertaler- 49
– Paul 47057 Lothar- 123
– Petra 47057 Lothar- 123
– Rainer 47058 Zander- 18
– Saskia 47059 Ruhrorter- 25
– Uwe 47059 Ruhrorter- 25
Voskamp Alfons
47169 Kaiser-Friedrich- 95
– Henriette 47249 Ernst-Kuss- 25
– Ursula 47167 Kurt- 49
Voskühler Kerstin 47249 Kufsteiner- 9
– Karl 47249 Kufsteiner- 9
– Ruth 47249 Kufsteiner- 9
– Volker 47249 Kufsteiner- 9
Vosmerbäumer Anneliese
47055 Zum Lith 37
– Axel 47055 Max-Brandts- 27
– Brigitte 47269 Altesmer Ring 69
– Dirk 47259 Zum Grind 82
– Gabriele 47055 Zum Lith 37
– Heinz 47051 Alte Rhein- 47
– Helga 47259 Zum Grind 82
– Horst 47055 Adolf-Wagner- 24
– Ingrid 47051 Alte Rhein- 47
– Jürgen 47055 Posener- 11
– Lisa 47055 An der Pützkate 5
– Lothar 47055 Kultur- 84
– Marga 47051 Hohe- 20
– Mathilde 47259 Zum Grind 82
– Nancy 47269 Am Dickelsbach 54
– Rolf 47051 Hohe- 20
– Silvia 47055 Erlen- 72
– Susanne
47249 Sittardsberger Allee 120
Vosper Nicole 47269 Angermunder- 70
Voß Alfred 47178 Franz- 136
– Andrea 47239 Hennelinder- 47
– Andrea 47169 Vereins- 10
– Andreas 47249 Zeiglockner- 21
– Andreas 47051 Münz- 52
– Andreas 47249 Wittgarer- 23
– Andy 47167 Gerling- 110
– Angelika 47139 Monschauer- 5
– Anke 47055 Amsel- 2
Firmen, Gewerbebetriebe usw. nach Namen – siehe gelber Teil	A-DU
